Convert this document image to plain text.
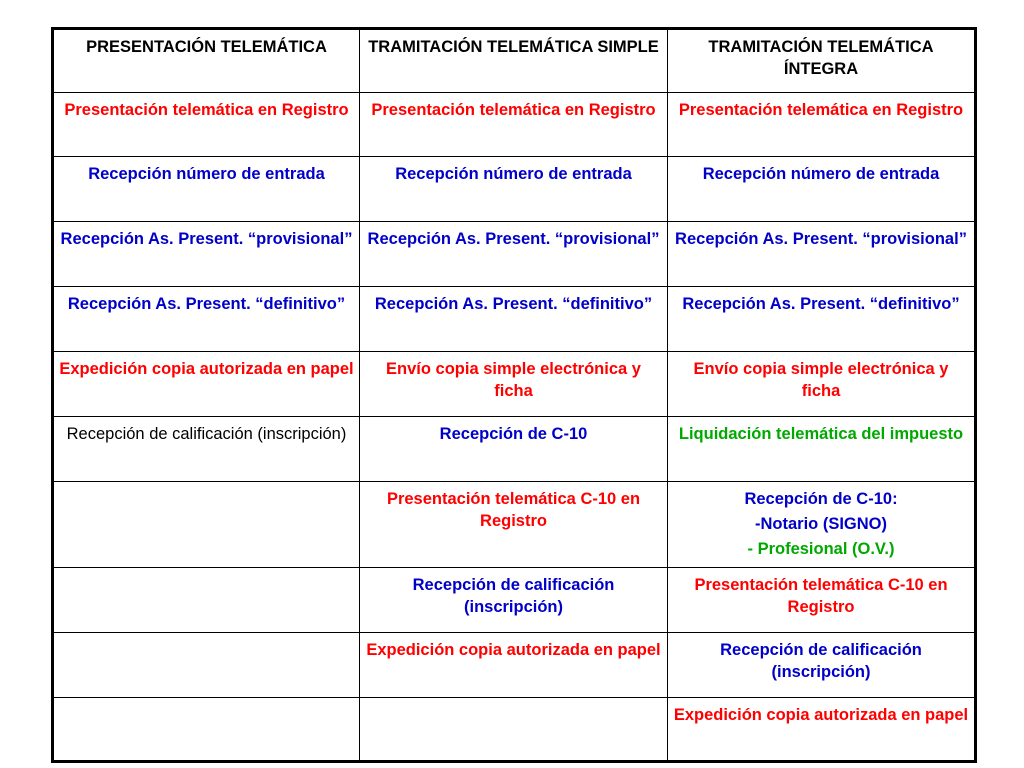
PRESENTACIÓN TELEMÁTICA	TRAMITACIÓN TELEMÁTICA SIMPLE	TRAMITACIÓN TELEMÁTICA ÍNTEGRA

Presentación telemática en Registro	Presentación telemática en Registro	Presentación telemática en Registro

Recepción número de entrada	Recepción número de entrada	Recepción número de entrada

Recepción As. Present. “provisional”	Recepción As. Present. “provisional”	Recepción As. Present. “provisional”

Recepción As. Present. “definitivo”	Recepción As. Present. “definitivo”	Recepción As. Present. “definitivo”

Expedición copia autorizada en papel	Envío copia simple electrónica y ficha	Envío copia simple electrónica y ficha

Recepción de calificación (inscripción)	Recepción de C-10	Liquidación telemática del impuesto

	Presentación telemática C-10 en Registro	Recepción de C-10:
-Notario (SIGNO)
- Profesional (O.V.)

	Recepción de calificación (inscripción)	Presentación telemática C-10 en Registro

	Expedición copia autorizada en papel	Recepción de calificación (inscripción)

		Expedición copia autorizada en papel
